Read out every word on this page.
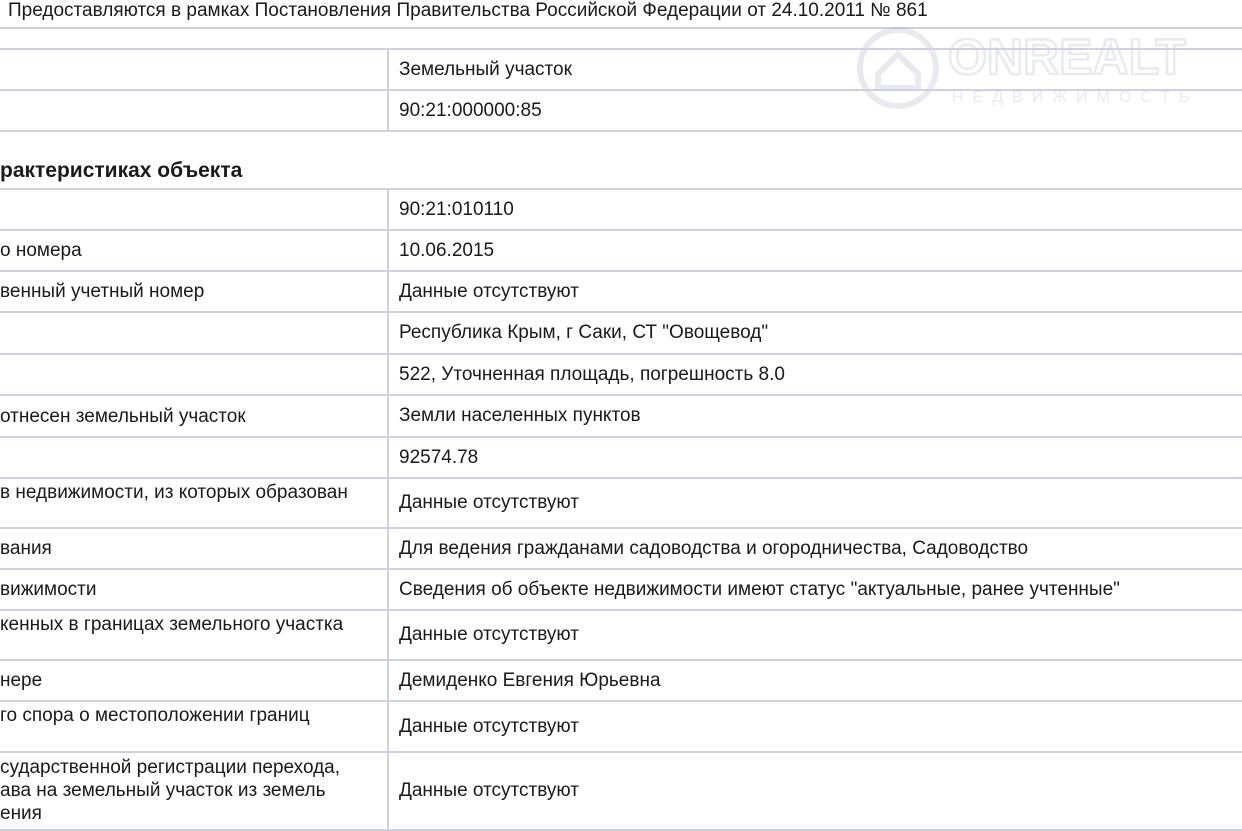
Предоставляются в рамках Постановления Правительства Российской Федерации от 24.10.2011 № 861
ONREALT
НЕДВИЖИМОСТЬ
	Земельный участок

	90:21:000000:85
рактеристиках объекта
	90:21:010110

о номера	10.06.2015

венный учетный номер	Данные отсутствуют

	Республика Крым, г Саки, СТ "Овощевод"

	522, Уточненная площадь, погрешность 8.0

отнесен земельный участок	Земли населенных пунктов

	92574.78

в недвижимости, из которых образован	Данные отсутствуют

вания	Для ведения гражданами садоводства и огородничества, Садоводство

вижимости	Сведения об объекте недвижимости имеют статус "актуальные, ранее учтенные"

кенных в границах земельного участка	Данные отсутствуют

нере	Демиденко Евгения Юрьевна

го спора о местоположении границ	Данные отсутствуют

сударственной регистрации перехода,
ава на земельный участок из земель
ения	Данные отсутствуют
